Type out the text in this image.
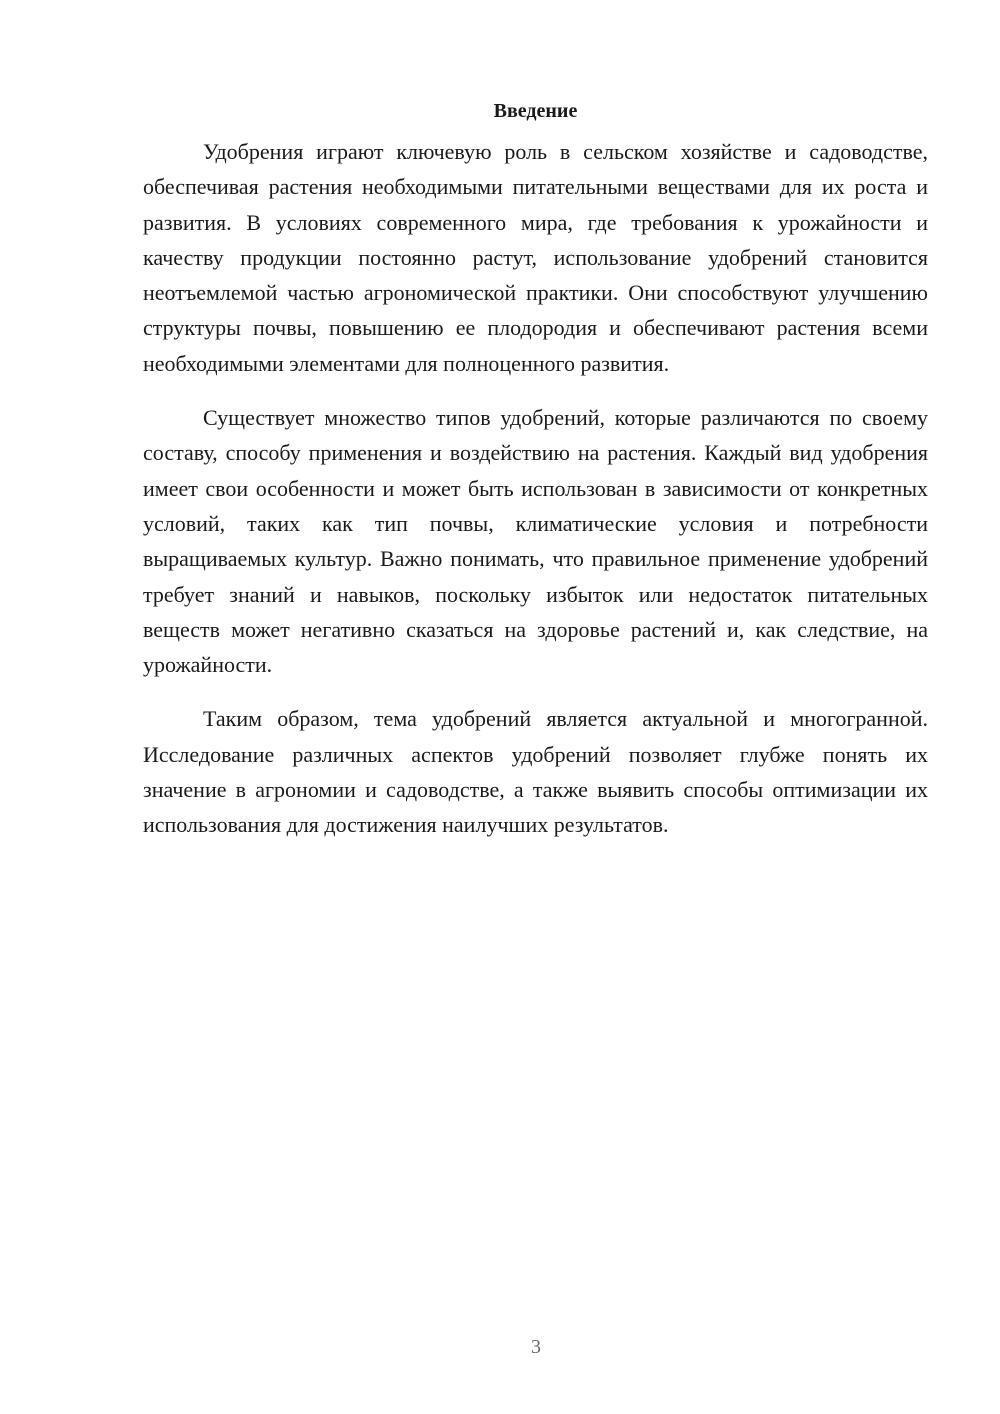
Введение

Удобрения играют ключевую роль в сельском хозяйстве и садоводстве, обеспечивая растения необходимыми питательными веществами для их роста и развития. В условиях современного мира, где требования к урожайности и качеству продукции постоянно растут, использование удобрений становится неотъемлемой частью агрономической практики. Они способствуют улучшению структуры почвы, повышению ее плодородия и обеспечивают растения всеми необходимыми элементами для полноценного развития.

Существует множество типов удобрений, которые различаются по своему составу, способу применения и воздействию на растения. Каждый вид удобрения имеет свои особенности и может быть использован в зависимости от конкретных условий, таких как тип почвы, климатические условия и потребности выращиваемых культур. Важно понимать, что правильное применение удобрений требует знаний и навыков, поскольку избыток или недостаток питательных веществ может негативно сказаться на здоровье растений и, как следствие, на урожайности.

Таким образом, тема удобрений является актуальной и многогранной. Исследование различных аспектов удобрений позволяет глубже понять их значение в агрономии и садоводстве, а также выявить способы оптимизации их использования для достижения наилучших результатов.

3
